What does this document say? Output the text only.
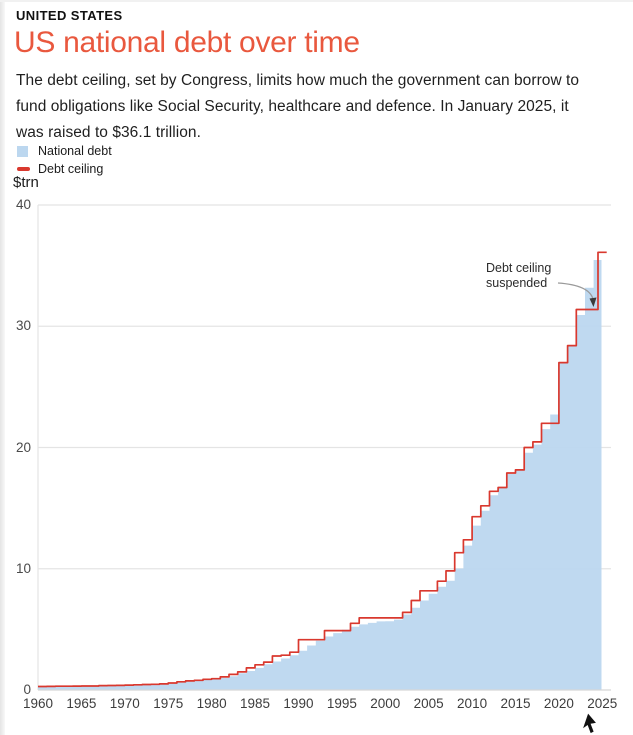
UNITED STATES
US national debt over time
The debt ceiling, set by Congress, limits how much the government can borrow to fund obligations like Social Security, healthcare and defence. In January 2025, it was raised to $36.1 trillion.
National debt
Debt ceiling
$trn
0
10
20
30
40
1960 1965 1970 1975 1980 1985 1990 1995 2000 2005 2010 2015 2020 2025
Debt ceiling
suspended
